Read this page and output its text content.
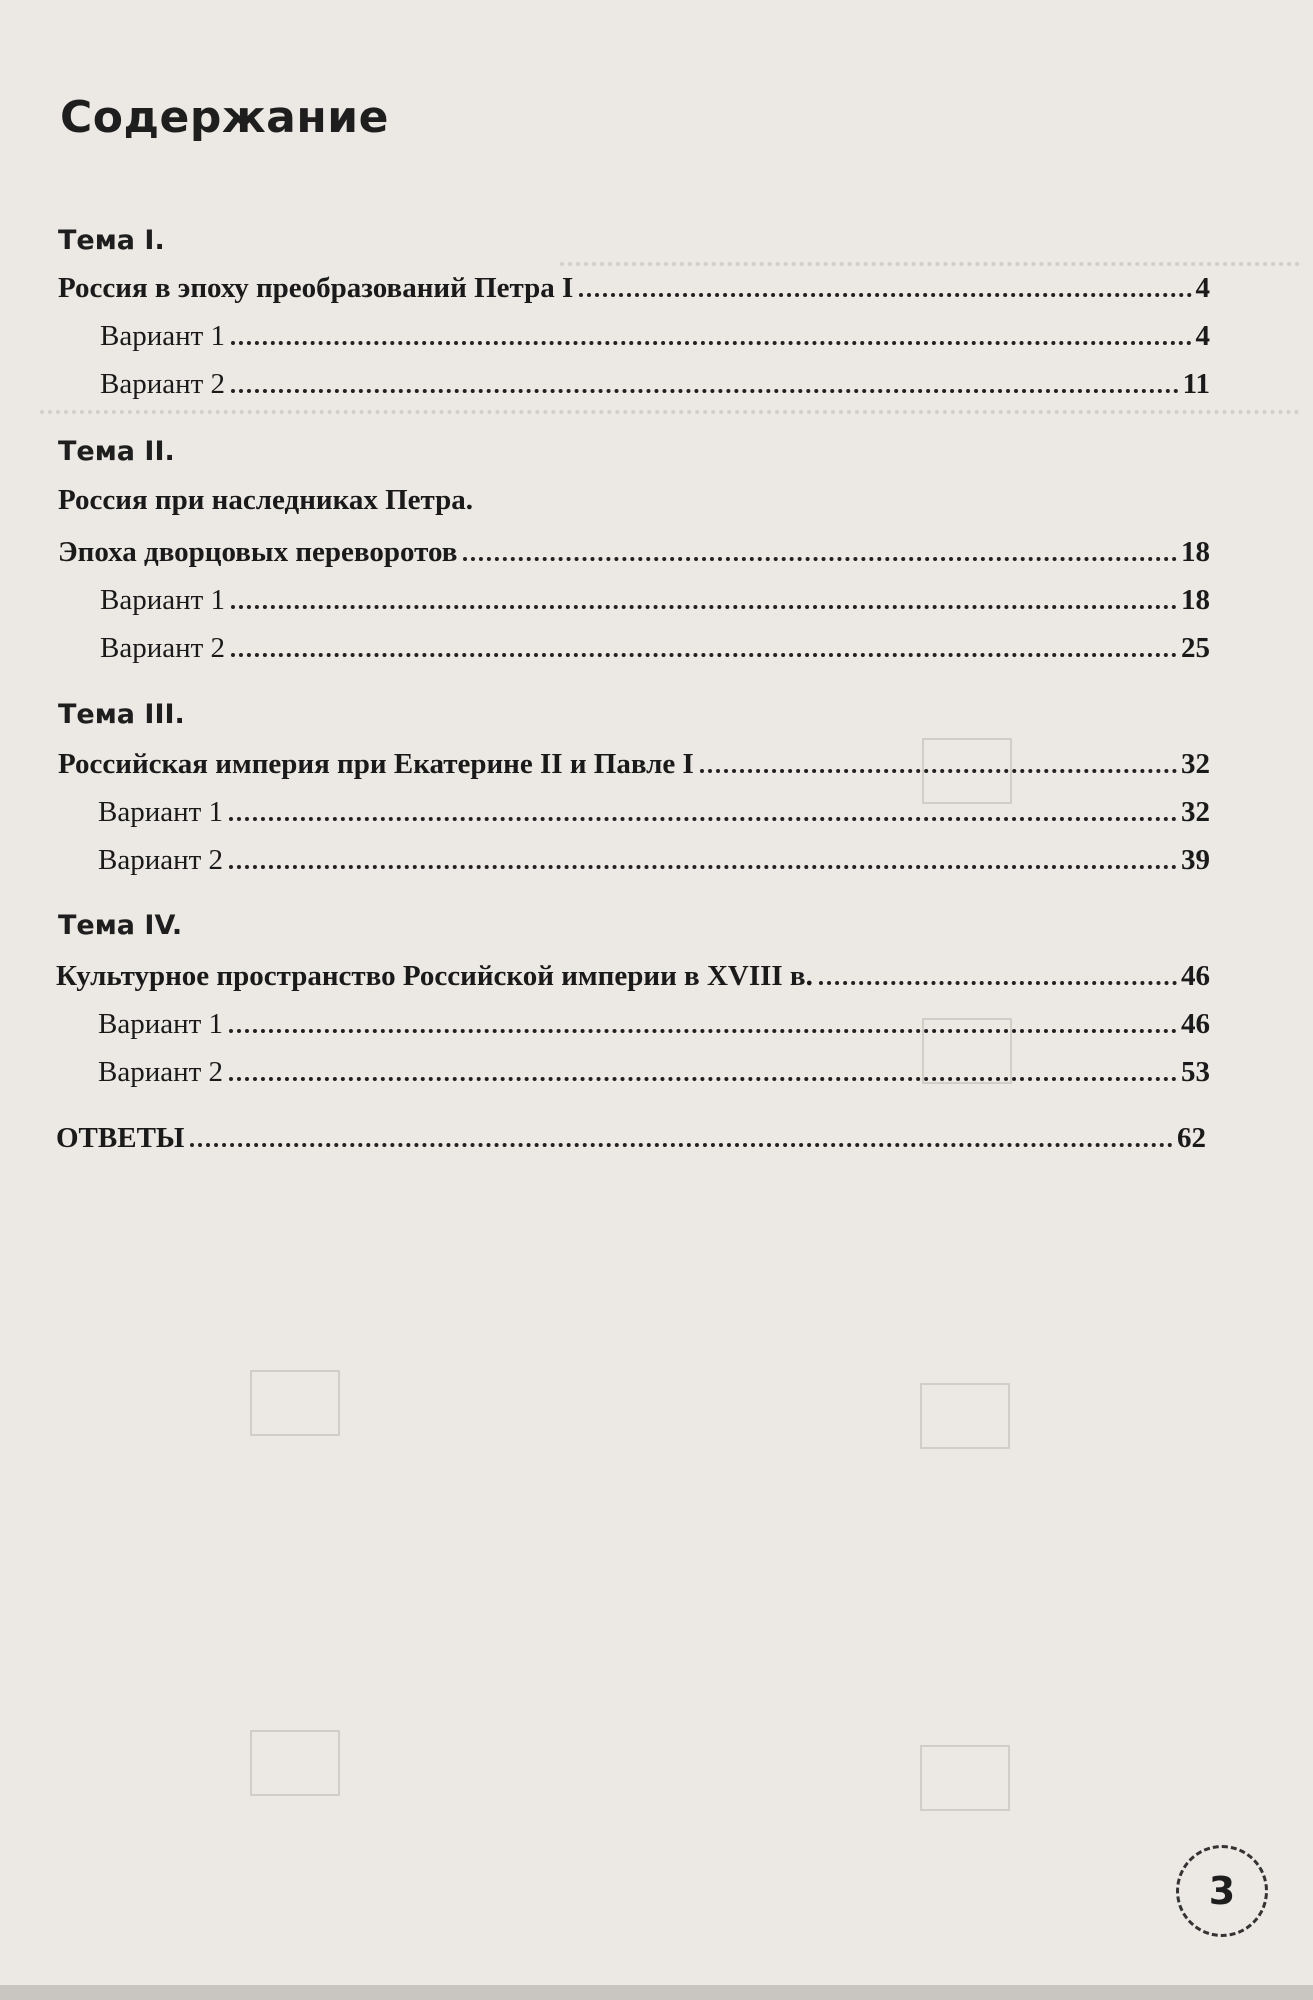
Содержание
Тема I.
Россия в эпоху преобразований Петра I	4
Вариант 1	4
Вариант 2	11
Тема II.
Россия при наследниках Петра.
Эпоха дворцовых переворотов	18
Вариант 1	18
Вариант 2	25
Тема III.
Российская империя при Екатерине II и Павле I	32
Вариант 1	32
Вариант 2	39
Тема IV.
Культурное пространство Российской империи в XVIII в.	46
Вариант 1	46
Вариант 2	53
ОТВЕТЫ	62
3
